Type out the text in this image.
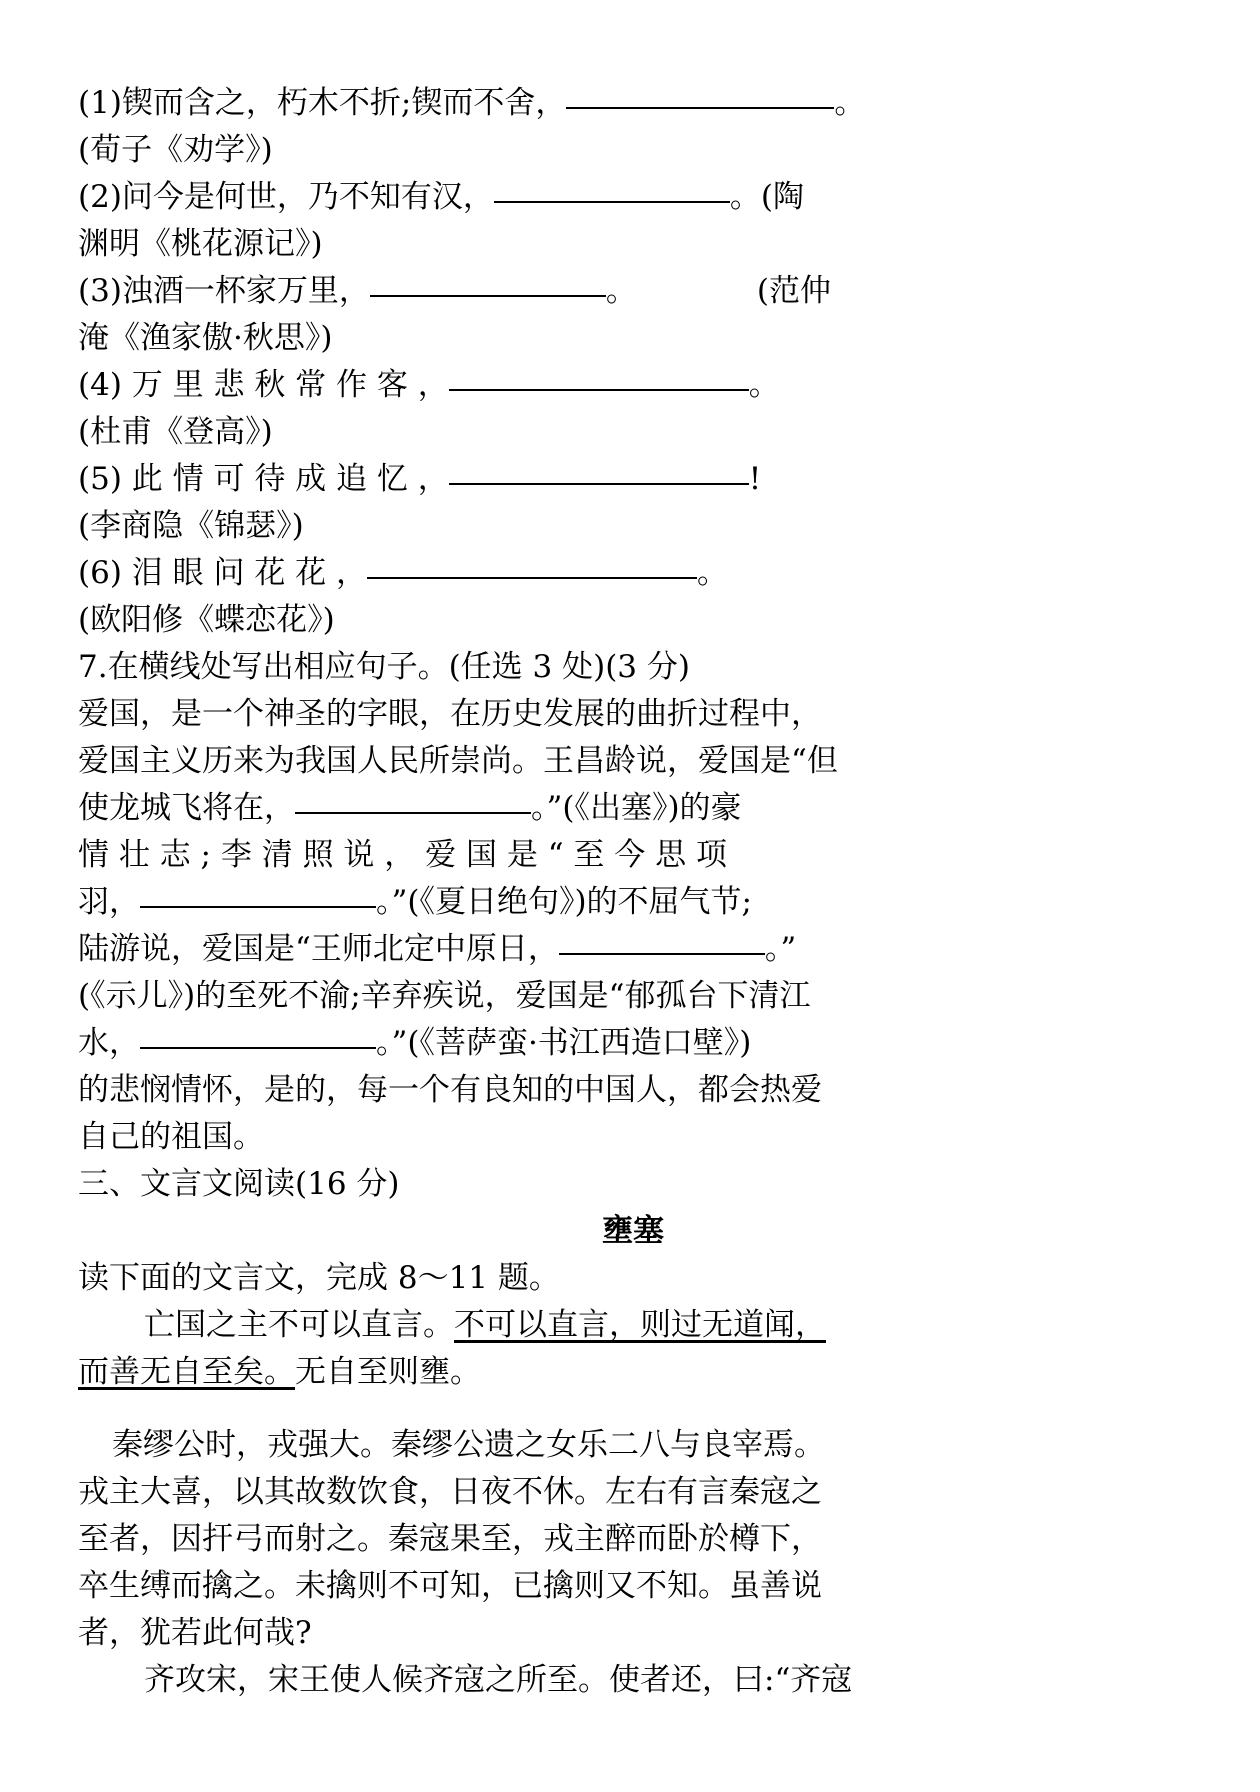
(1)锲而含之，朽木不折;锲而不舍，	。
(荀子《劝学》)
(2)问今是何世，乃不知有汉，	。(陶
渊明《桃花源记》)
(3)浊酒一杯家万里，	。	(范仲
淹《渔家傲·秋思》)
(4) 万 里 悲 秋 常 作 客 ，	。
(杜甫《登高》)
(5) 此 情 可 待 成 追 忆 ，	!
(李商隐《锦瑟》)
(6) 泪 眼 问 花 花 ，	。
(欧阳修《蝶恋花》)
7.在横线处写出相应句子。(任选 3 处)(3 分)
爱国，是一个神圣的字眼，在历史发展的曲折过程中，
爱国主义历来为我国人民所崇尚。王昌龄说，爱国是“但
使龙城飞将在，	。”(《出塞》)的豪
情 壮 志 ; 李 清 照 说 ， 爱 国 是 “ 至 今 思 项
羽，	。”(《夏日绝句》)的不屈气节;
陆游说，爱国是“王师北定中原日，	。”
(《示儿》)的至死不渝;辛弃疾说，爱国是“郁孤台下清江
水，	。”(《菩萨蛮·书江西造口壁》)
的悲悯情怀，是的，每一个有良知的中国人，都会热爱
自己的祖国。
三、文言文阅读(16 分)
壅塞
读下面的文言文，完成 8～11 题。
亡国之主不可以直言。不可以直言，则过无道闻，
而善无自至矣。无自至则壅。
秦缪公时，戎强大。秦缪公遗之女乐二八与良宰焉。
戎主大喜，以其故数饮食，日夜不休。左右有言秦寇之
至者，因扞弓而射之。秦寇果至，戎主醉而卧於樽下，
卒生缚而擒之。未擒则不可知，已擒则又不知。虽善说
者，犹若此何哉?
齐攻宋，宋王使人候齐寇之所至。使者还，曰:“齐寇
